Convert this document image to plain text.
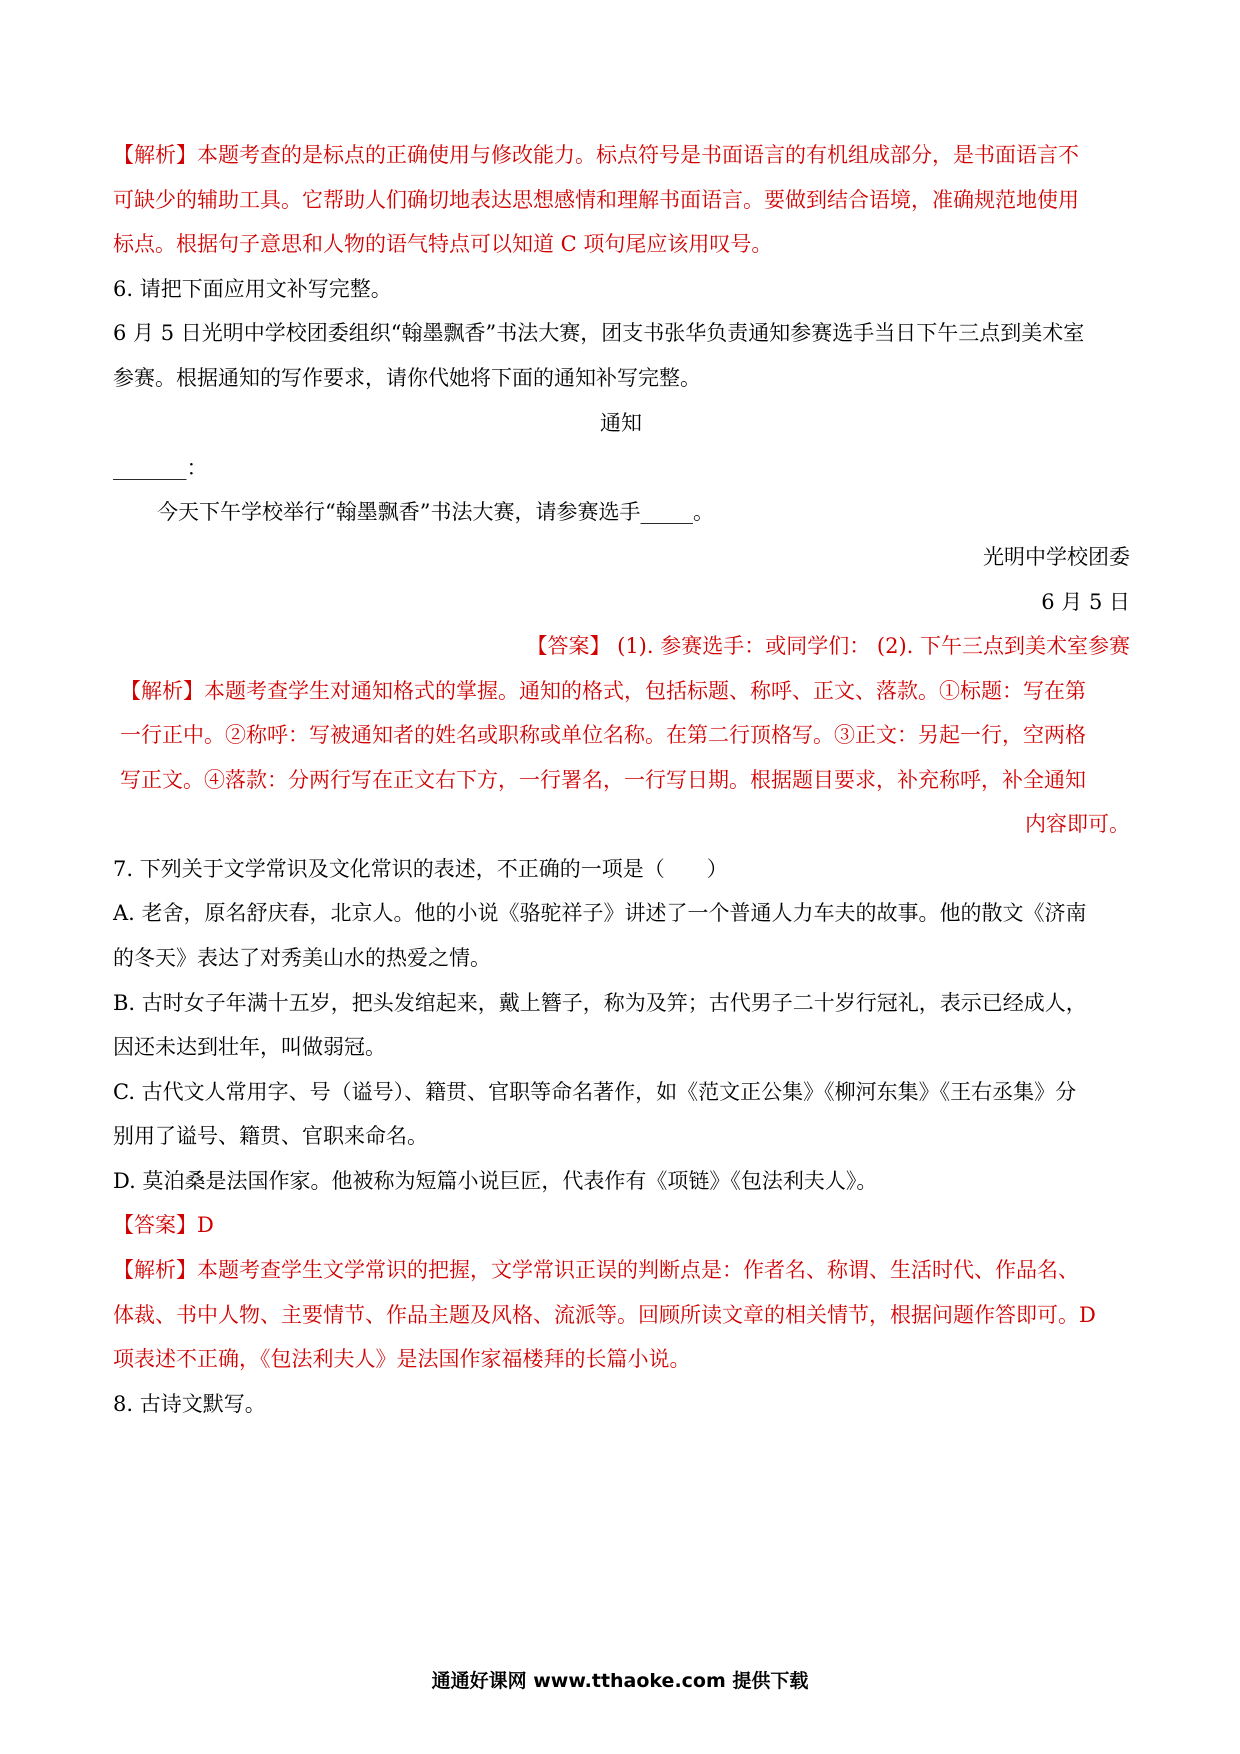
【解析】本题考查的是标点的正确使用与修改能力。标点符号是书面语言的有机组成部分，是书面语言不

可缺少的辅助工具。它帮助人们确切地表达思想感情和理解书面语言。要做到结合语境，准确规范地使用

标点。根据句子意思和人物的语气特点可以知道 C 项句尾应该用叹号。

6. 请把下面应用文补写完整。

6 月 5 日光明中学校团委组织“翰墨飘香”书法大赛，团支书张华负责通知参赛选手当日下午三点到美术室

参赛。根据通知的写作要求，请你代她将下面的通知补写完整。

通知

_______：

今天下午学校举行“翰墨飘香”书法大赛，请参赛选手_____。

光明中学校团委

6 月 5 日

【答案】 (1). 参赛选手：或同学们： (2). 下午三点到美术室参赛

【解析】本题考查学生对通知格式的掌握。通知的格式，包括标题、称呼、正文、落款。①标题：写在第

一行正中。②称呼：写被通知者的姓名或职称或单位名称。在第二行顶格写。③正文：另起一行，空两格

写正文。④落款：分两行写在正文右下方，一行署名，一行写日期。根据题目要求，补充称呼，补全通知

内容即可。

7. 下列关于文学常识及文化常识的表述，不正确的一项是（　　）

A. 老舍，原名舒庆春，北京人。他的小说《骆驼祥子》讲述了一个普通人力车夫的故事。他的散文《济南

的冬天》表达了对秀美山水的热爱之情。

B. 古时女子年满十五岁，把头发绾起来，戴上簪子，称为及笄；古代男子二十岁行冠礼，表示已经成人，

因还未达到壮年，叫做弱冠。

C. 古代文人常用字、号（谥号）、籍贯、官职等命名著作，如《范文正公集》《柳河东集》《王右丞集》分

别用了谥号、籍贯、官职来命名。

D. 莫泊桑是法国作家。他被称为短篇小说巨匠，代表作有《项链》《包法利夫人》。

【答案】D

【解析】本题考查学生文学常识的把握，文学常识正误的判断点是：作者名、称谓、生活时代、作品名、

体裁、书中人物、主要情节、作品主题及风格、流派等。回顾所读文章的相关情节，根据问题作答即可。D

项表述不正确，《包法利夫人》是法国作家福楼拜的长篇小说。

8. 古诗文默写。

通通好课网 www.tthaoke.com 提供下载
